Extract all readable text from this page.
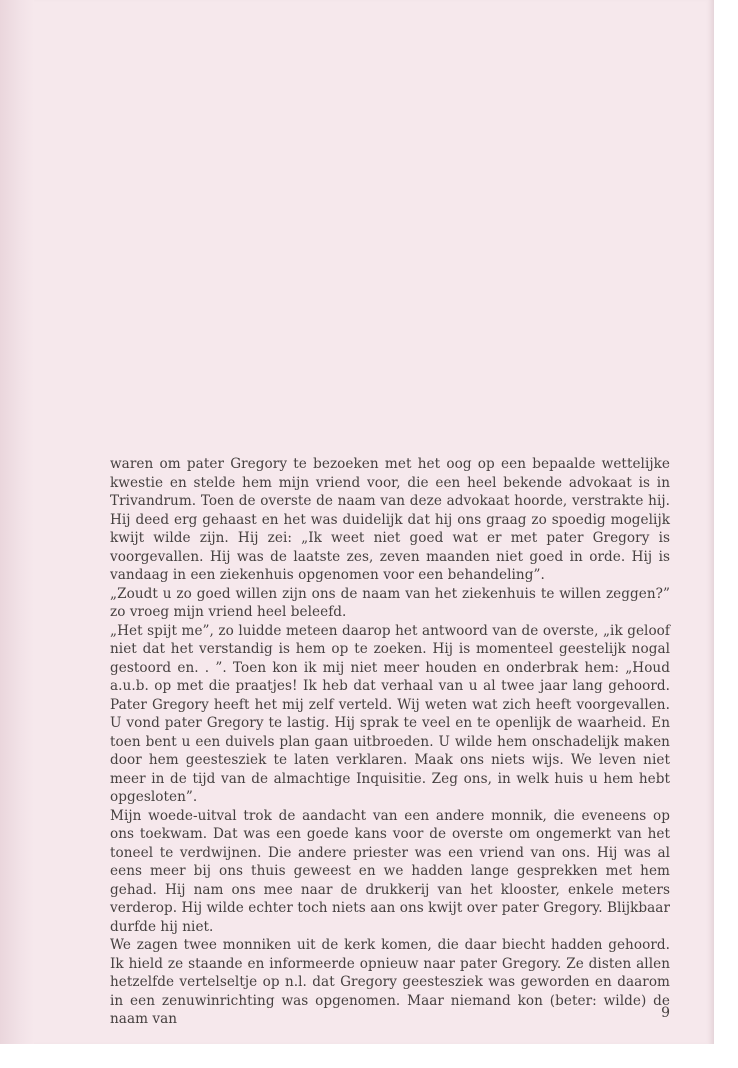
waren om pater Gregory te bezoeken met het oog op een bepaalde wettelijke kwestie en stelde hem mijn vriend voor, die een heel bekende advokaat is in Trivandrum. Toen de overste de naam van deze advokaat hoorde, verstrakte hij. Hij deed erg gehaast en het was duidelijk dat hij ons graag zo spoedig mogelijk kwijt wilde zijn. Hij zei: „Ik weet niet goed wat er met pater Gregory is voorgevallen. Hij was de laatste zes, zeven maanden niet goed in orde. Hij is vandaag in een ziekenhuis opgenomen voor een behandeling”.

„Zoudt u zo goed willen zijn ons de naam van het ziekenhuis te willen zeggen?” zo vroeg mijn vriend heel beleefd.

„Het spijt me”, zo luidde meteen daarop het antwoord van de overste, „ik geloof niet dat het verstandig is hem op te zoeken. Hij is momenteel geestelijk nogal gestoord en. . ”. Toen kon ik mij niet meer houden en onderbrak hem: „Houd a.u.b. op met die praatjes! Ik heb dat verhaal van u al twee jaar lang gehoord. Pater Gregory heeft het mij zelf verteld. Wij weten wat zich heeft voorgevallen. U vond pater Gregory te lastig. Hij sprak te veel en te openlijk de waarheid. En toen bent u een duivels plan gaan uitbroeden. U wilde hem onschadelijk maken door hem geestesziek te laten verklaren. Maak ons niets wijs. We leven niet meer in de tijd van de almachtige Inquisitie. Zeg ons, in welk huis u hem hebt opgesloten”.

Mijn woede-uitval trok de aandacht van een andere monnik, die eveneens op ons toekwam. Dat was een goede kans voor de overste om ongemerkt van het toneel te verdwijnen. Die andere priester was een vriend van ons. Hij was al eens meer bij ons thuis geweest en we hadden lange gesprekken met hem gehad. Hij nam ons mee naar de drukkerij van het klooster, enkele meters verderop. Hij wilde echter toch niets aan ons kwijt over pater Gregory. Blijkbaar durfde hij niet.

We zagen twee monniken uit de kerk komen, die daar biecht hadden gehoord. Ik hield ze staande en informeerde opnieuw naar pater Gregory. Ze disten allen hetzelfde vertelseltje op n.l. dat Gregory geestesziek was geworden en daarom in een zenuwinrichting was opgenomen. Maar niemand kon (beter: wilde) de naam van	9
